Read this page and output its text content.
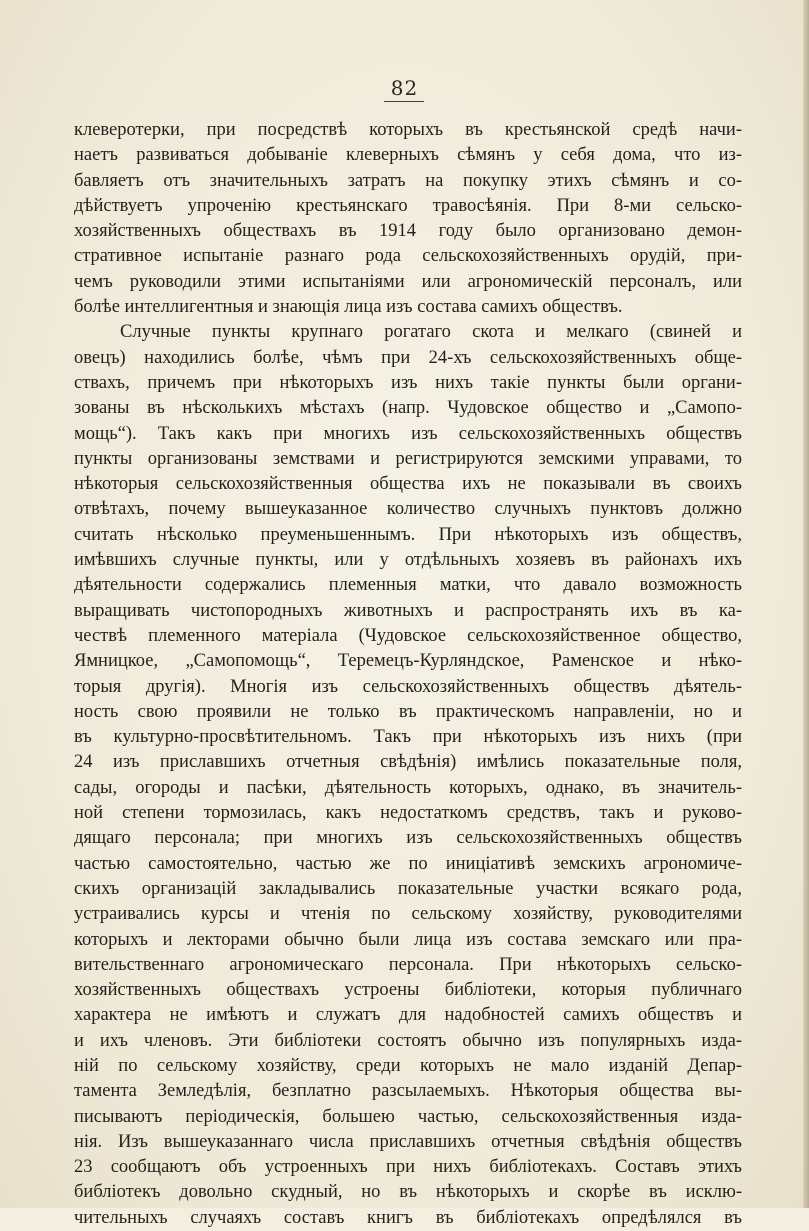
82
клеверотерки, при посредствѣ которыхъ въ крестьянской средѣ начи-
наетъ развиваться добываніе клеверныхъ сѣмянъ у себя дома, что из-
бавляетъ отъ значительныхъ затратъ на покупку этихъ сѣмянъ и со-
дѣйствуетъ упроченію крестьянскаго травосѣянія. При 8-ми сельско-
хозяйственныхъ обществахъ въ 1914 году было организовано демон-
стративное испытаніе разнаго рода сельскохозяйственныхъ орудій, при-
чемъ руководили этими испытаніями или агрономическій персоналъ, или
болѣе интеллигентныя и знающія лица изъ состава самихъ обществъ.
Случные пункты крупнаго рогатаго скота и мелкаго (свиней и
овецъ) находились болѣе, чѣмъ при 24-хъ сельскохозяйственныхъ обще-
ствахъ, причемъ при нѣкоторыхъ изъ нихъ такіе пункты были органи-
зованы въ нѣсколькихъ мѣстахъ (напр. Чудовское общество и „Самопо-
мощь“). Такъ какъ при многихъ изъ сельскохозяйственныхъ обществъ
пункты организованы земствами и регистрируются земскими управами, то
нѣкоторыя сельскохозяйственныя общества ихъ не показывали въ своихъ
отвѣтахъ, почему вышеуказанное количество случныхъ пунктовъ должно
считать нѣсколько преуменьшеннымъ. При нѣкоторыхъ изъ обществъ,
имѣвшихъ случные пункты, или у отдѣльныхъ хозяевъ въ районахъ ихъ
дѣятельности содержались племенныя матки, что давало возможность
выращивать чистопородныхъ животныхъ и распространять ихъ въ ка-
чествѣ племенного матеріала (Чудовское сельскохозяйственное общество,
Ямницкое, „Самопомощь“, Теремецъ-Курляндское, Раменское и нѣко-
торыя другія). Многія изъ сельскохозяйственныхъ обществъ дѣятель-
ность свою проявили не только въ практическомъ направленіи, но и
въ культурно-просвѣтительномъ. Такъ при нѣкоторыхъ изъ нихъ (при
24 изъ приславшихъ отчетныя свѣдѣнія) имѣлись показательные поля,
сады, огороды и пасѣки, дѣятельность которыхъ, однако, въ значитель-
ной степени тормозилась, какъ недостаткомъ средствъ, такъ и руково-
дящаго персонала; при многихъ изъ сельскохозяйственныхъ обществъ
частью самостоятельно, частью же по иниціативѣ земскихъ агрономиче-
скихъ организацій закладывались показательные участки всякаго рода,
устраивались курсы и чтенія по сельскому хозяйству, руководителями
которыхъ и лекторами обычно были лица изъ состава земскаго или пра-
вительственнаго агрономическаго персонала. При нѣкоторыхъ сельско-
хозяйственныхъ обществахъ устроены библіотеки, которыя публичнаго
характера не имѣютъ и служатъ для надобностей самихъ обществъ и
и ихъ членовъ. Эти библіотеки состоятъ обычно изъ популярныхъ изда-
ній по сельскому хозяйству, среди которыхъ не мало изданій Депар-
тамента Земледѣлія, безплатно разсылаемыхъ. Нѣкоторыя общества вы-
писываютъ періодическія, большею частью, сельскохозяйственныя изда-
нія. Изъ вышеуказаннаго числа приславшихъ отчетныя свѣдѣнія обществъ
23 сообщаютъ объ устроенныхъ при нихъ библіотекахъ. Составъ этихъ
библіотекъ довольно скудный, но въ нѣкоторыхъ и скорѣе въ исклю-
чительныхъ случаяхъ составъ книгъ въ библіотекахъ опредѣлялся въ
